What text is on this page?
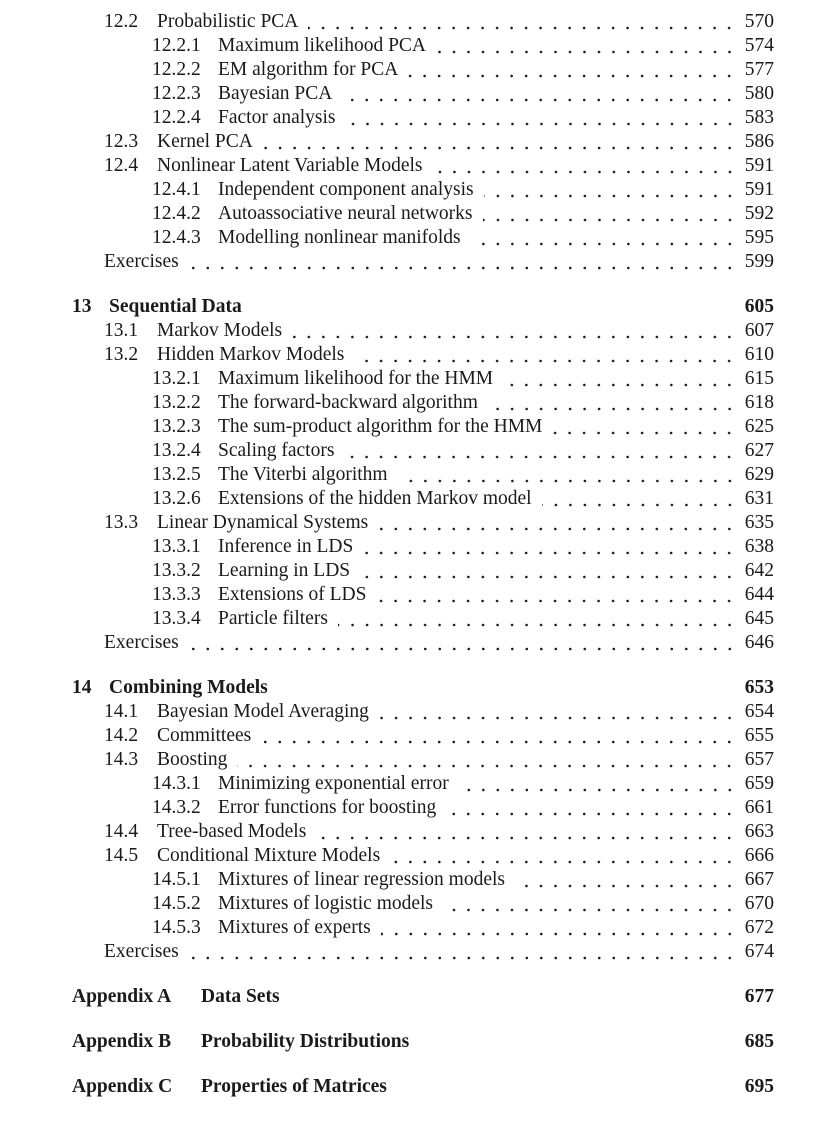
12.2 Probabilistic PCA	570
12.2.1 Maximum likelihood PCA	574
12.2.2 EM algorithm for PCA	577
12.2.3 Bayesian PCA	580
12.2.4 Factor analysis	583
12.3 Kernel PCA	586
12.4 Nonlinear Latent Variable Models	591
12.4.1 Independent component analysis	591
12.4.2 Autoassociative neural networks	592
12.4.3 Modelling nonlinear manifolds	595
Exercises	599
13 Sequential Data	605
13.1 Markov Models	607
13.2 Hidden Markov Models	610
13.2.1 Maximum likelihood for the HMM	615
13.2.2 The forward-backward algorithm	618
13.2.3 The sum-product algorithm for the HMM	625
13.2.4 Scaling factors	627
13.2.5 The Viterbi algorithm	629
13.2.6 Extensions of the hidden Markov model	631
13.3 Linear Dynamical Systems	635
13.3.1 Inference in LDS	638
13.3.2 Learning in LDS	642
13.3.3 Extensions of LDS	644
13.3.4 Particle filters	645
Exercises	646
14 Combining Models	653
14.1 Bayesian Model Averaging	654
14.2 Committees	655
14.3 Boosting	657
14.3.1 Minimizing exponential error	659
14.3.2 Error functions for boosting	661
14.4 Tree-based Models	663
14.5 Conditional Mixture Models	666
14.5.1 Mixtures of linear regression models	667
14.5.2 Mixtures of logistic models	670
14.5.3 Mixtures of experts	672
Exercises	674
Appendix A	Data Sets	677
Appendix B	Probability Distributions	685
Appendix C	Properties of Matrices	695
